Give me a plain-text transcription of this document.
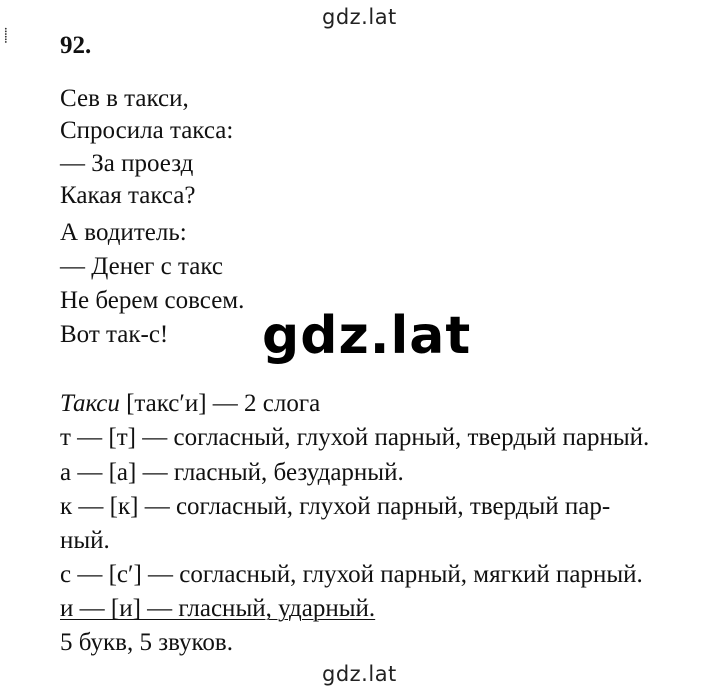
⸽
gdz.lat
92.
Сев в такси,
Спросила такса:
— За проезд
Какая такса?
А водитель:
— Денег с такс
Не берем совсем.
Вот так-с! gdz.lat
Такси [такс′и] — 2 слога
т — [т] — согласный, глухой парный, твердый парный.
а — [а] — гласный, безударный.
к — [к] — согласный, глухой парный, твердый пар-
ный.
с — [с′] — согласный, глухой парный, мягкий парный.
и — [и] — гласный, ударный.
5 букв, 5 звуков.
gdz.lat
